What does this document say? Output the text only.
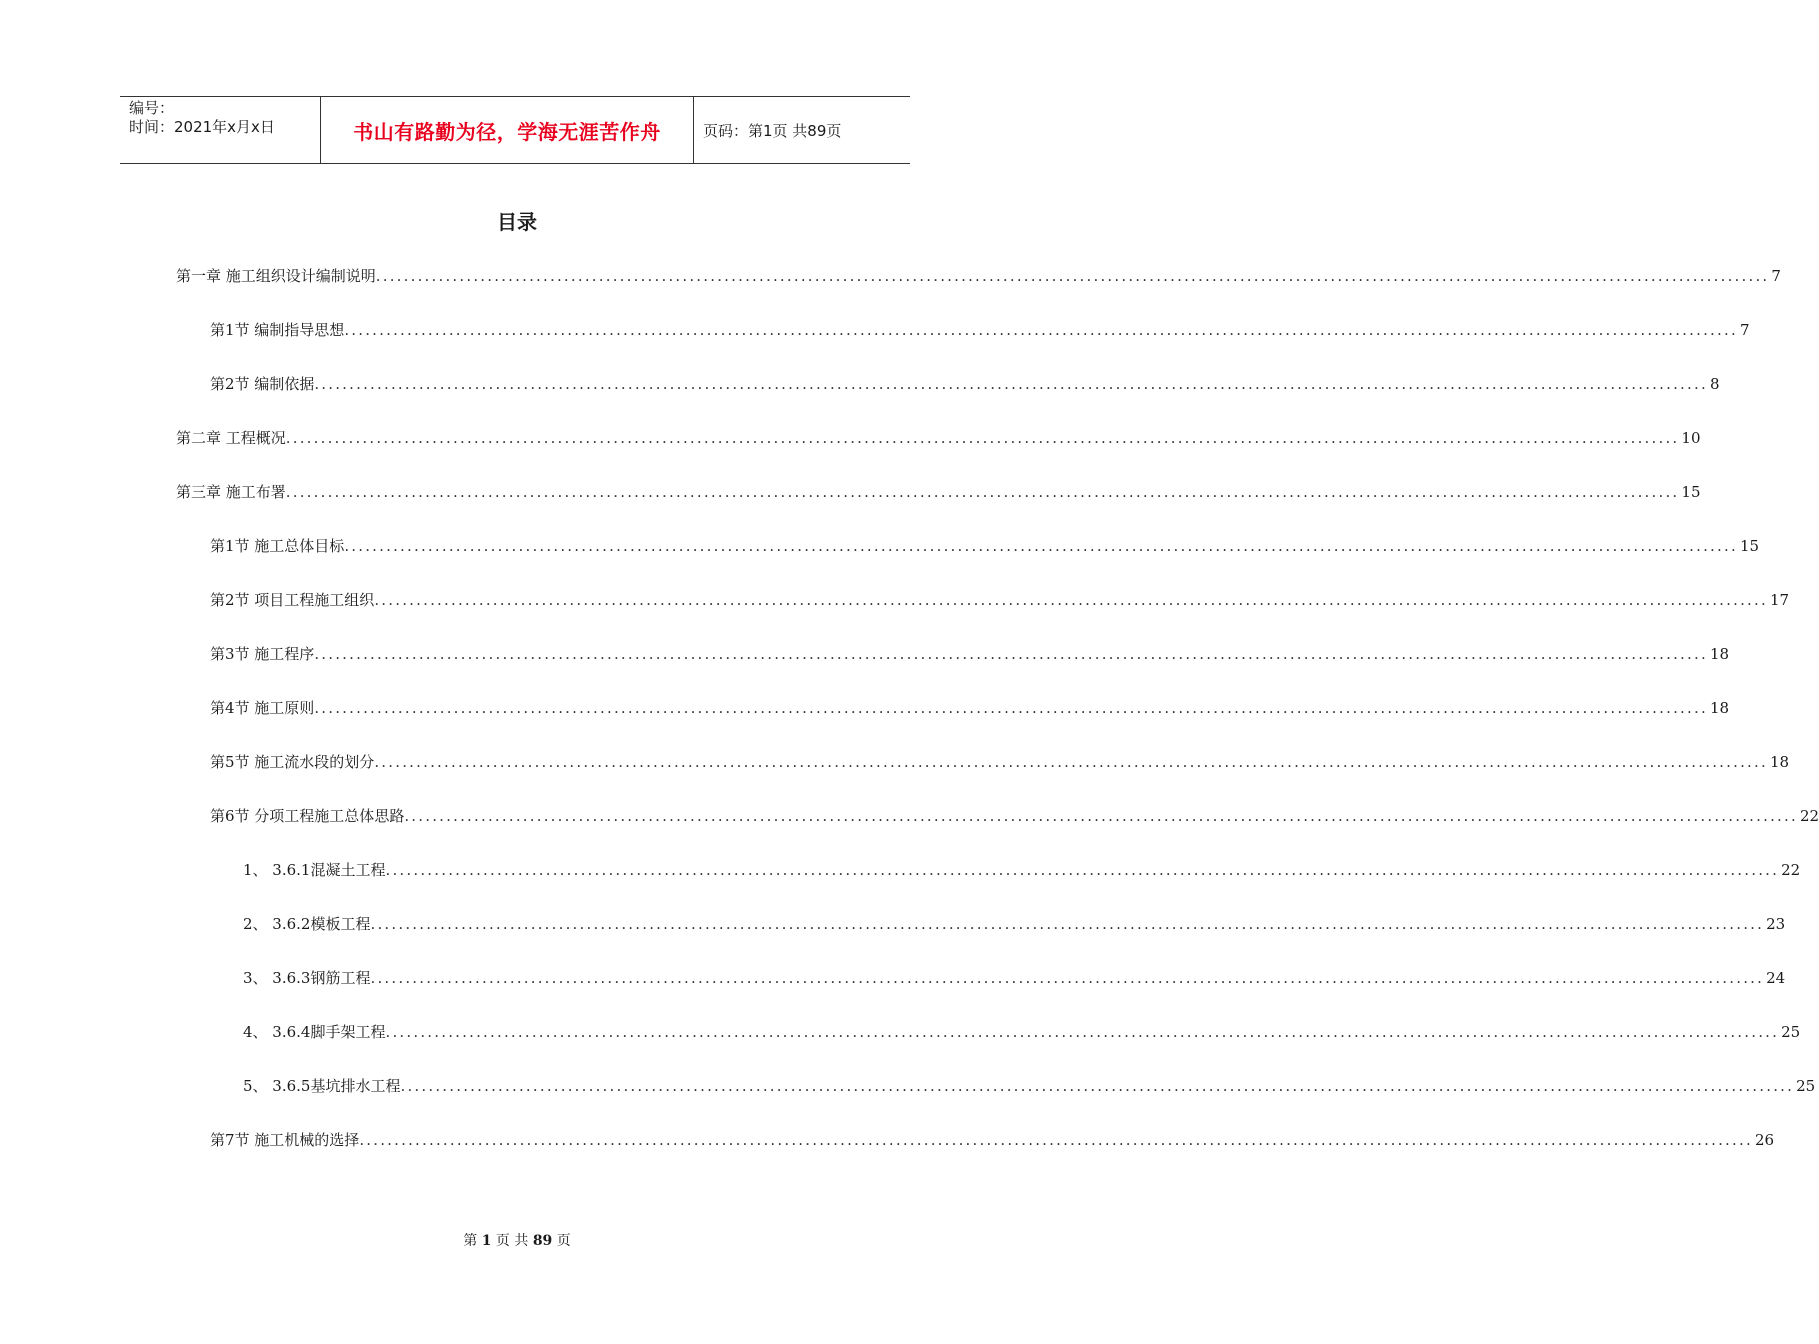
编号：
时间：2021年x月x日	书山有路勤为径，学海无涯苦作舟	页码：第1页 共89页
目录
第一章 施工组织设计编制说明 ........................................................................................................................................................................................................ 7
第1节 编制指导思想 ........................................................................................................................................................................................................ 7
第2节 编制依据 ........................................................................................................................................................................................................ 8
第二章 工程概况 ........................................................................................................................................................................................................ 10
第三章 施工布署 ........................................................................................................................................................................................................ 15
第1节 施工总体目标 ........................................................................................................................................................................................................ 15
第2节 项目工程施工组织 ........................................................................................................................................................................................................ 17
第3节 施工程序 ........................................................................................................................................................................................................ 18
第4节 施工原则 ........................................................................................................................................................................................................ 18
第5节 施工流水段的划分 ........................................................................................................................................................................................................ 18
第6节 分项工程施工总体思路 ........................................................................................................................................................................................................ 22
1、 3.6.1混凝土工程 ........................................................................................................................................................................................................ 22
2、 3.6.2模板工程 ........................................................................................................................................................................................................ 23
3、 3.6.3钢筋工程 ........................................................................................................................................................................................................ 24
4、 3.6.4脚手架工程 ........................................................................................................................................................................................................ 25
5、 3.6.5基坑排水工程 ........................................................................................................................................................................................................ 25
第7节 施工机械的选择 ........................................................................................................................................................................................................ 26
第 1 页 共 89 页
